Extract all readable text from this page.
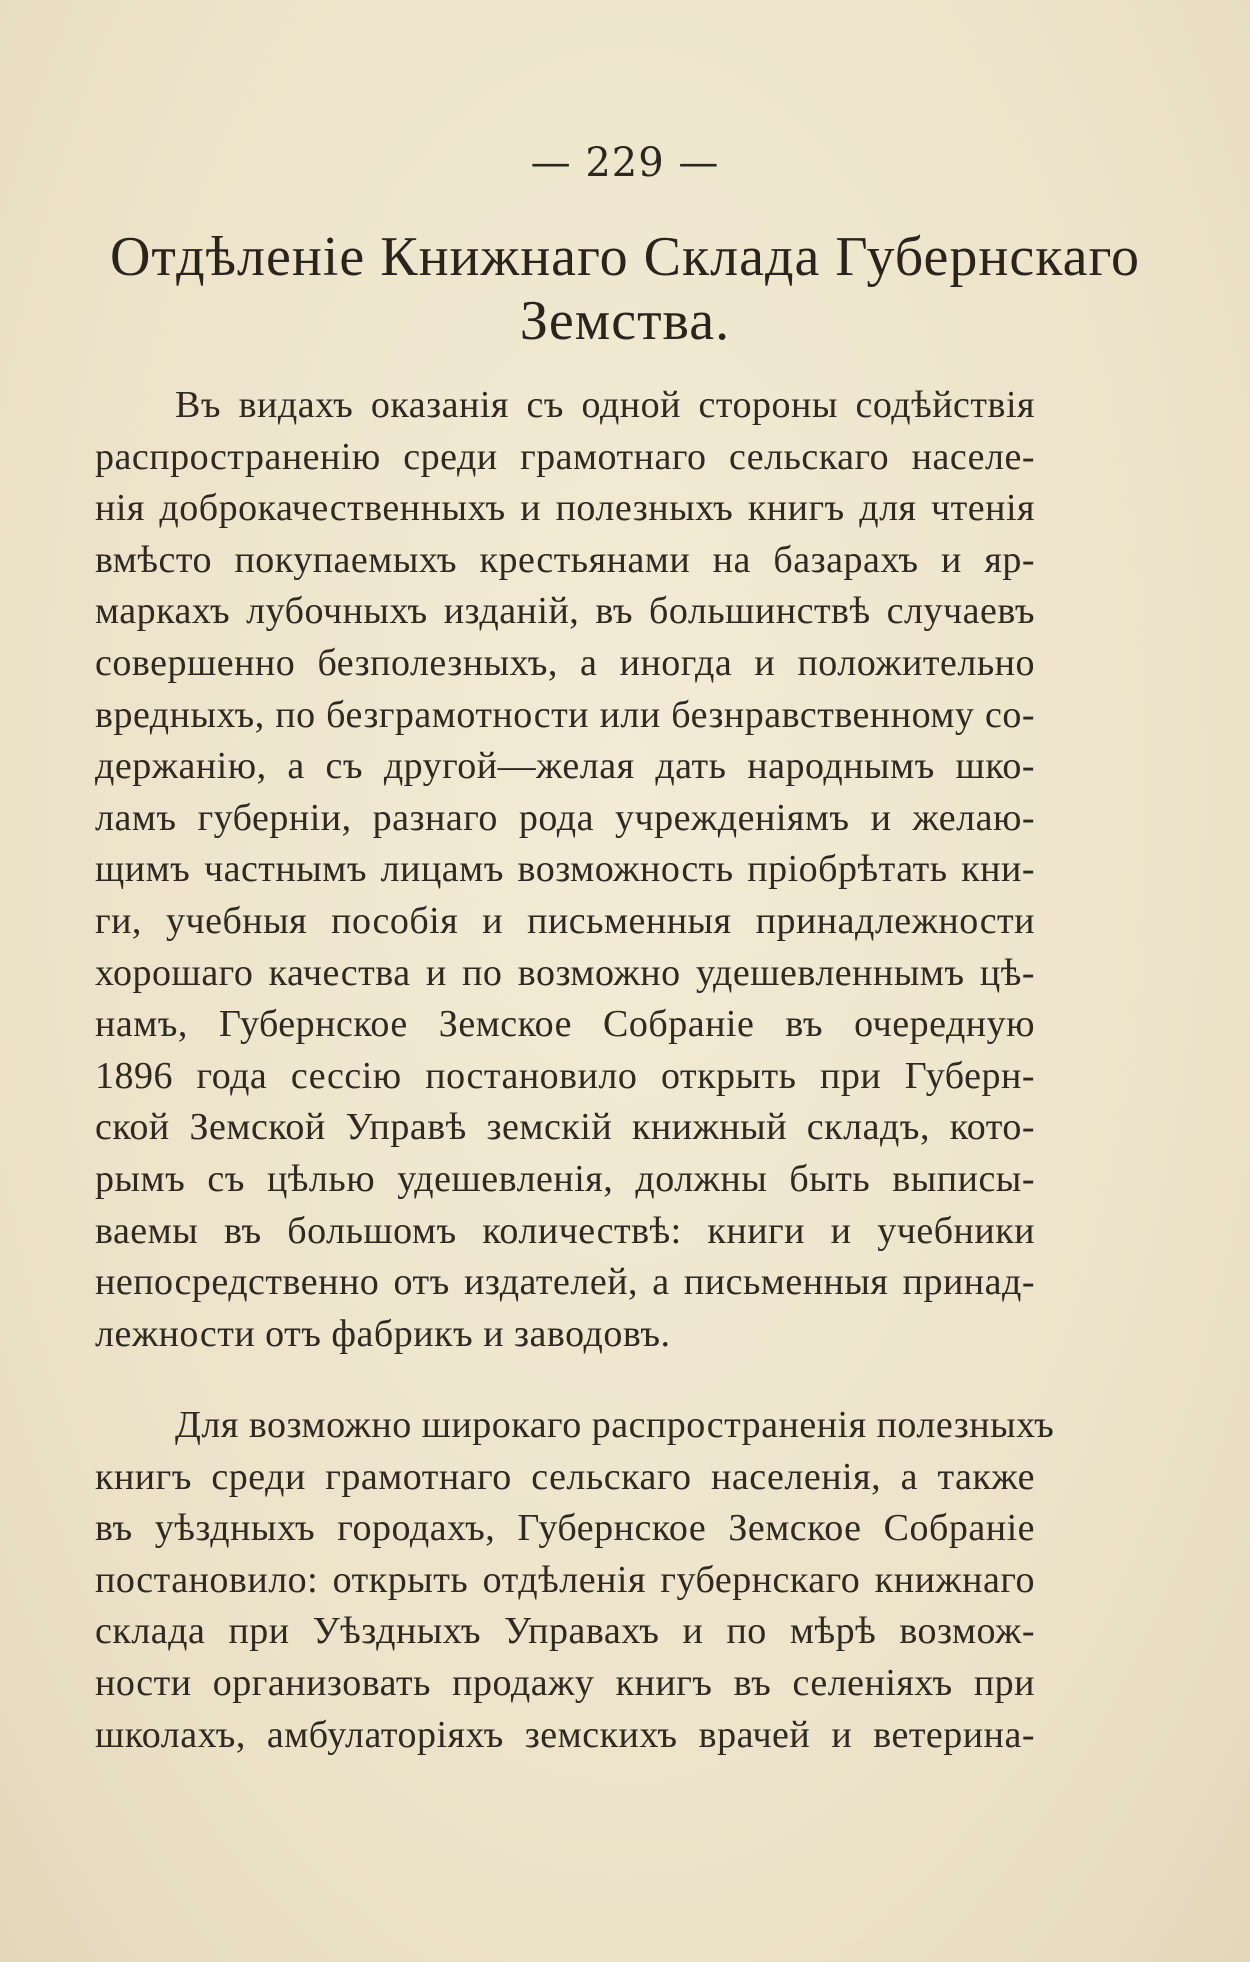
— 229 —
Отдѣленіе Книжнаго Склада Губернскаго
Земства.
Въ видахъ оказанія съ одной стороны содѣйствія
распространенію среди грамотнаго сельскаго населе-
нія доброкачественныхъ и полезныхъ книгъ для чтенія
вмѣсто покупаемыхъ крестьянами на базарахъ и яр-
маркахъ лубочныхъ изданій, въ большинствѣ случаевъ
совершенно безполезныхъ, а иногда и положительно
вредныхъ, по безграмотности или безнравственному со-
держанію, а съ другой—желая дать народнымъ шко-
ламъ губерніи, разнаго рода учрежденіямъ и желаю-
щимъ частнымъ лицамъ возможность пріобрѣтать кни-
ги, учебныя пособія и письменныя принадлежности
хорошаго качества и по возможно удешевленнымъ цѣ-
намъ, Губернское Земское Собраніе въ очередную
1896 года сессію постановило открыть при Губерн-
ской Земской Управѣ земскій книжный складъ, кото-
рымъ съ цѣлью удешевленія, должны быть выписы-
ваемы въ большомъ количествѣ: книги и учебники
непосредственно отъ издателей, а письменныя принад-
лежности отъ фабрикъ и заводовъ.
Для возможно широкаго распространенія полезныхъ
книгъ среди грамотнаго сельскаго населенія, а также
въ уѣздныхъ городахъ, Губернское Земское Собраніе
постановило: открыть отдѣленія губернскаго книжнаго
склада при Уѣздныхъ Управахъ и по мѣрѣ возмож-
ности организовать продажу книгъ въ селеніяхъ при
школахъ, амбулаторіяхъ земскихъ врачей и ветерина-
